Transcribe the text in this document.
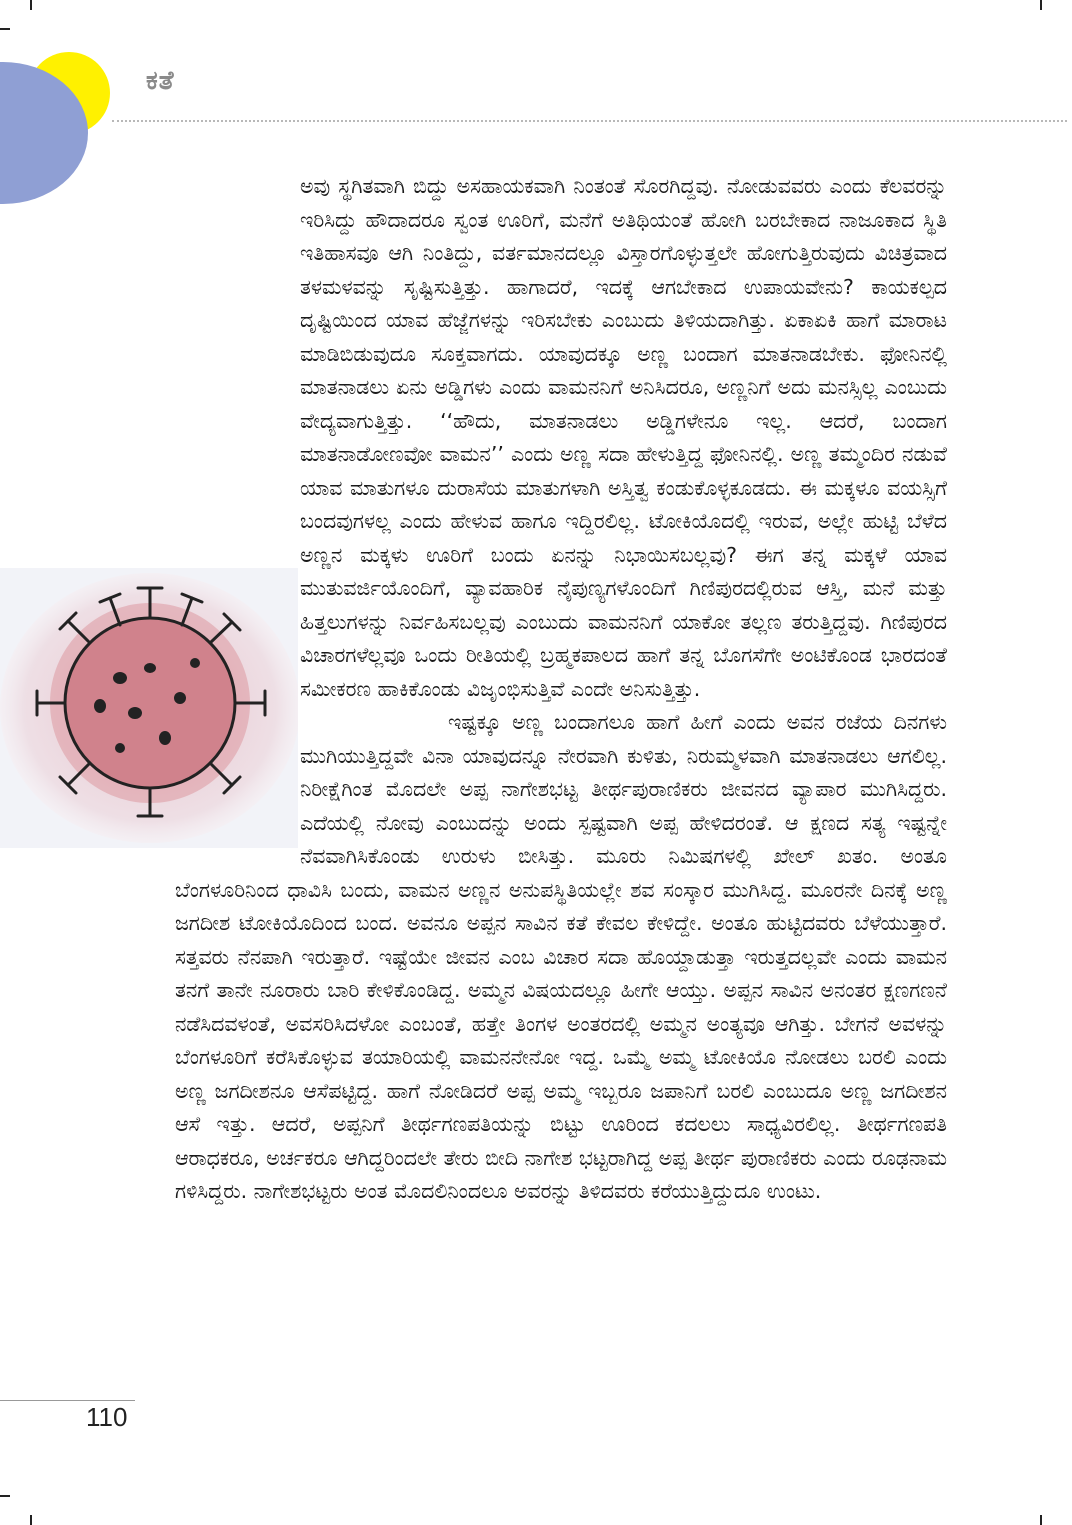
ಕತೆ

ಅವು ಸ್ಥಗಿತವಾಗಿ ಬಿದ್ದು ಅಸಹಾಯಕವಾಗಿ ನಿಂತಂತೆ ಸೊರಗಿದ್ದವು. ನೋಡುವವರು ಎಂದು ಕೆಲವರನ್ನು ಇರಿಸಿದ್ದು ಹೌದಾದರೂ ಸ್ವಂತ ಊರಿಗೆ, ಮನೆಗೆ ಅತಿಥಿಯಂತೆ ಹೋಗಿ ಬರಬೇಕಾದ ನಾಜೂಕಾದ ಸ್ಥಿತಿ ಇತಿಹಾಸವೂ ಆಗಿ ನಿಂತಿದ್ದು, ವರ್ತಮಾನದಲ್ಲೂ ವಿಸ್ತಾರಗೊಳ್ಳುತ್ತಲೇ ಹೋಗುತ್ತಿರುವುದು ವಿಚಿತ್ರವಾದ ತಳಮಳವನ್ನು ಸೃಷ್ಟಿಸುತ್ತಿತ್ತು. ಹಾಗಾದರೆ, ಇದಕ್ಕೆ ಆಗಬೇಕಾದ ಉಪಾಯವೇನು? ಕಾಯಕಲ್ಪದ ದೃಷ್ಟಿಯಿಂದ ಯಾವ ಹೆಜ್ಜೆಗಳನ್ನು ಇರಿಸಬೇಕು ಎಂಬುದು ತಿಳಿಯದಾಗಿತ್ತು. ಏಕಾಏಕಿ ಹಾಗೆ ಮಾರಾಟ ಮಾಡಿಬಿಡುವುದೂ ಸೂಕ್ತವಾಗದು. ಯಾವುದಕ್ಕೂ ಅಣ್ಣ ಬಂದಾಗ ಮಾತನಾಡಬೇಕು. ಫೋನಿನಲ್ಲಿ ಮಾತನಾಡಲು ಏನು ಅಡ್ಡಿಗಳು ಎಂದು ವಾಮನನಿಗೆ ಅನಿಸಿದರೂ, ಅಣ್ಣನಿಗೆ ಅದು ಮನಸ್ಸಿಲ್ಲ ಎಂಬುದು ವೇದ್ಯವಾಗುತ್ತಿತ್ತು. ‘‘ಹೌದು, ಮಾತನಾಡಲು ಅಡ್ಡಿಗಳೇನೂ ಇಲ್ಲ. ಆದರೆ, ಬಂದಾಗ ಮಾತನಾಡೋಣವೋ ವಾಮನ’’ ಎಂದು ಅಣ್ಣ ಸದಾ ಹೇಳುತ್ತಿದ್ದ ಫೋನಿನಲ್ಲಿ. ಅಣ್ಣ ತಮ್ಮಂದಿರ ನಡುವೆ ಯಾವ ಮಾತುಗಳೂ ದುರಾಸೆಯ ಮಾತುಗಳಾಗಿ ಅಸ್ತಿತ್ವ ಕಂಡುಕೊಳ್ಳಕೂಡದು. ಈ ಮಕ್ಕಳೂ ವಯಸ್ಸಿಗೆ ಬಂದವುಗಳಲ್ಲ ಎಂದು ಹೇಳುವ ಹಾಗೂ ಇದ್ದಿರಲಿಲ್ಲ. ಟೋಕಿಯೊದಲ್ಲಿ ಇರುವ, ಅಲ್ಲೇ ಹುಟ್ಟಿ ಬೆಳೆದ ಅಣ್ಣನ ಮಕ್ಕಳು ಊರಿಗೆ ಬಂದು ಏನನ್ನು ನಿಭಾಯಿಸಬಲ್ಲವು? ಈಗ ತನ್ನ ಮಕ್ಕಳೆ ಯಾವ ಮುತುವರ್ಜಿಯೊಂದಿಗೆ, ವ್ಯಾವಹಾರಿಕ ನೈಪುಣ್ಯಗಳೊಂದಿಗೆ ಗಿಣಿಪುರದಲ್ಲಿರುವ ಆಸ್ತಿ, ಮನೆ ಮತ್ತು ಹಿತ್ತಲುಗಳನ್ನು ನಿರ್ವಹಿಸಬಲ್ಲವು ಎಂಬುದು ವಾಮನನಿಗೆ ಯಾಕೋ ತಲ್ಲಣ ತರುತ್ತಿದ್ದವು. ಗಿಣಿಪುರದ ವಿಚಾರಗಳೆಲ್ಲವೂ ಒಂದು ರೀತಿಯಲ್ಲಿ ಬ್ರಹ್ಮಕಪಾಲದ ಹಾಗೆ ತನ್ನ ಬೊಗಸೆಗೇ ಅಂಟಿಕೊಂಡ ಭಾರದಂತೆ ಸಮೀಕರಣ ಹಾಕಿಕೊಂಡು ವಿಜೃಂಭಿಸುತ್ತಿವೆ ಎಂದೇ ಅನಿಸುತ್ತಿತ್ತು.

ಇಷ್ಟಕ್ಕೂ ಅಣ್ಣ ಬಂದಾಗಲೂ ಹಾಗೆ ಹೀಗೆ ಎಂದು ಅವನ ರಜೆಯ ದಿನಗಳು ಮುಗಿಯುತ್ತಿದ್ದವೇ ವಿನಾ ಯಾವುದನ್ನೂ ನೇರವಾಗಿ ಕುಳಿತು, ನಿರುಮ್ಮಳವಾಗಿ ಮಾತನಾಡಲು ಆಗಲಿಲ್ಲ. ನಿರೀಕ್ಷೆಗಿಂತ ಮೊದಲೇ ಅಪ್ಪ ನಾಗೇಶಭಟ್ಟ ತೀರ್ಥಪುರಾಣಿಕರು ಜೀವನದ ವ್ಯಾಪಾರ ಮುಗಿಸಿದ್ದರು. ಎದೆಯಲ್ಲಿ ನೋವು ಎಂಬುದನ್ನು ಅಂದು ಸ್ಪಷ್ಟವಾಗಿ ಅಪ್ಪ ಹೇಳಿದರಂತೆ. ಆ ಕ್ಷಣದ ಸತ್ಯ ಇಷ್ಟನ್ನೇ ನೆವವಾಗಿಸಿಕೊಂಡು ಉರುಳು ಬೀಸಿತ್ತು. ಮೂರು ನಿಮಿಷಗಳಲ್ಲಿ ಖೇಲ್ ಖತಂ. ಅಂತೂ ಬೆಂಗಳೂರಿನಿಂದ ಧಾವಿಸಿ ಬಂದು, ವಾಮನ ಅಣ್ಣನ ಅನುಪಸ್ಥಿತಿಯಲ್ಲೇ ಶವ ಸಂಸ್ಕಾರ ಮುಗಿಸಿದ್ದ. ಮೂರನೇ ದಿನಕ್ಕೆ ಅಣ್ಣ ಜಗದೀಶ ಟೋಕಿಯೊದಿಂದ ಬಂದ. ಅವನೂ ಅಪ್ಪನ ಸಾವಿನ ಕತೆ ಕೇವಲ ಕೇಳಿದ್ದೇ. ಅಂತೂ ಹುಟ್ಟಿದವರು ಬೆಳೆಯುತ್ತಾರೆ. ಸತ್ತವರು ನೆನಪಾಗಿ ಇರುತ್ತಾರೆ. ಇಷ್ಟೆಯೇ ಜೀವನ ಎಂಬ ವಿಚಾರ ಸದಾ ಹೊಯ್ದಾಡುತ್ತಾ ಇರುತ್ತದಲ್ಲವೇ ಎಂದು ವಾಮನ ತನಗೆ ತಾನೇ ನೂರಾರು ಬಾರಿ ಕೇಳಿಕೊಂಡಿದ್ದ. ಅಮ್ಮನ ವಿಷಯದಲ್ಲೂ ಹೀಗೇ ಆಯ್ತು. ಅಪ್ಪನ ಸಾವಿನ ಅನಂತರ ಕ್ಷಣಗಣನೆ ನಡೆಸಿದವಳಂತೆ, ಅವಸರಿಸಿದಳೋ ಎಂಬಂತೆ, ಹತ್ತೇ ತಿಂಗಳ ಅಂತರದಲ್ಲಿ ಅಮ್ಮನ ಅಂತ್ಯವೂ ಆಗಿತ್ತು. ಬೇಗನೆ ಅವಳನ್ನು ಬೆಂಗಳೂರಿಗೆ ಕರೆಸಿಕೊಳ್ಳುವ ತಯಾರಿಯಲ್ಲಿ ವಾಮನನೇನೋ ಇದ್ದ. ಒಮ್ಮೆ ಅಮ್ಮ ಟೋಕಿಯೊ ನೋಡಲು ಬರಲಿ ಎಂದು ಅಣ್ಣ ಜಗದೀಶನೂ ಆಸೆಪಟ್ಟಿದ್ದ. ಹಾಗೆ ನೋಡಿದರೆ ಅಪ್ಪ ಅಮ್ಮ ಇಬ್ಬರೂ ಜಪಾನಿಗೆ ಬರಲಿ ಎಂಬುದೂ ಅಣ್ಣ ಜಗದೀಶನ ಆಸೆ ಇತ್ತು. ಆದರೆ, ಅಪ್ಪನಿಗೆ ತೀರ್ಥಗಣಪತಿಯನ್ನು ಬಿಟ್ಟು ಊರಿಂದ ಕದಲಲು ಸಾಧ್ಯವಿರಲಿಲ್ಲ. ತೀರ್ಥಗಣಪತಿ ಆರಾಧಕರೂ, ಅರ್ಚಕರೂ ಆಗಿದ್ದರಿಂದಲೇ ತೇರು ಬೀದಿ ನಾಗೇಶ ಭಟ್ಟರಾಗಿದ್ದ ಅಪ್ಪ ತೀರ್ಥ ಪುರಾಣಿಕರು ಎಂದು ರೂಢನಾಮ ಗಳಿಸಿದ್ದರು. ನಾಗೇಶಭಟ್ಟರು ಅಂತ ಮೊದಲಿನಿಂದಲೂ ಅವರನ್ನು ತಿಳಿದವರು ಕರೆಯುತ್ತಿದ್ದುದೂ ಉಂಟು.

110
